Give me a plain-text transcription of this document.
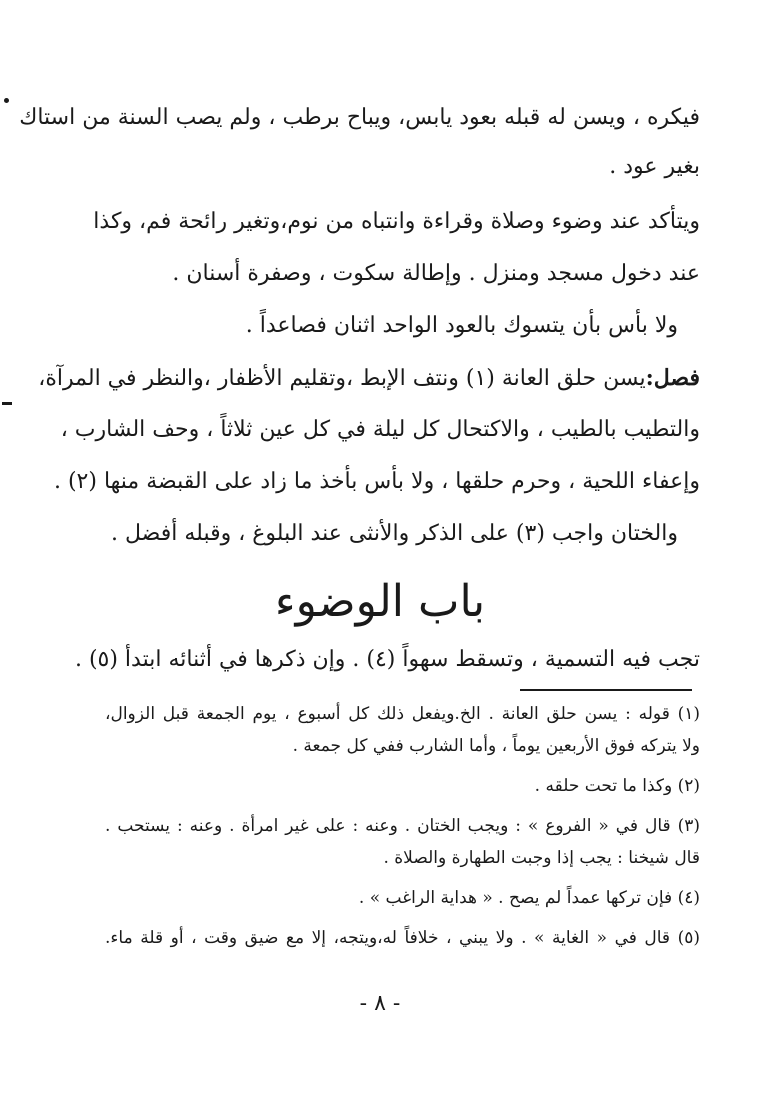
فيكره ، ويسن له قبله بعود يابس، ويباح برطب ، ولم يصب السنة من استاك
بغير عود .
ويتأكد عند وضوء وصلاة وقراءة وانتباه من نوم،وتغير رائحة فم، وكذا
عند دخول مسجد ومنزل . وإطالة سكوت ، وصفرة أسنان .
ولا بأس بأن يتسوك بالعود الواحد اثنان فصاعداً .
فصل:يسن حلق العانة (١) ونتف الإبط ،وتقليم الأظفار ،والنظر في المرآة،
والتطيب بالطيب ، والاكتحال كل ليلة في كل عين ثلاثاً ، وحف الشارب ،
وإعفاء اللحية ، وحرم حلقها ، ولا بأس بأخذ ما زاد على القبضة منها (٢) .
والختان واجب (٣) على الذكر والأنثى عند البلوغ ، وقبله أفضل .
باب الوضوء
تجب فيه التسمية ، وتسقط سهواً (٤) . وإن ذكرها في أثنائه ابتدأ (٥) .
(١) قوله : يسن حلق العانة . الخ.ويفعل ذلك كل أسبوع ، يوم الجمعة قبل الزوال،
ولا يتركه فوق الأربعين يوماً ، وأما الشارب ففي كل جمعة .
(٢) وكذا ما تحت حلقه .
(٣) قال في « الفروع » : ويجب الختان . وعنه : على غير امرأة . وعنه : يستحب .
قال شيخنا : يجب إذا وجبت الطهارة والصلاة .
(٤) فإن تركها عمداً لم يصح . « هداية الراغب » .
(٥) قال في « الغاية » . ولا يبني ، خلافاً له،ويتجه، إلا مع ضيق وقت ، أو قلة ماء.
- ٨ -
